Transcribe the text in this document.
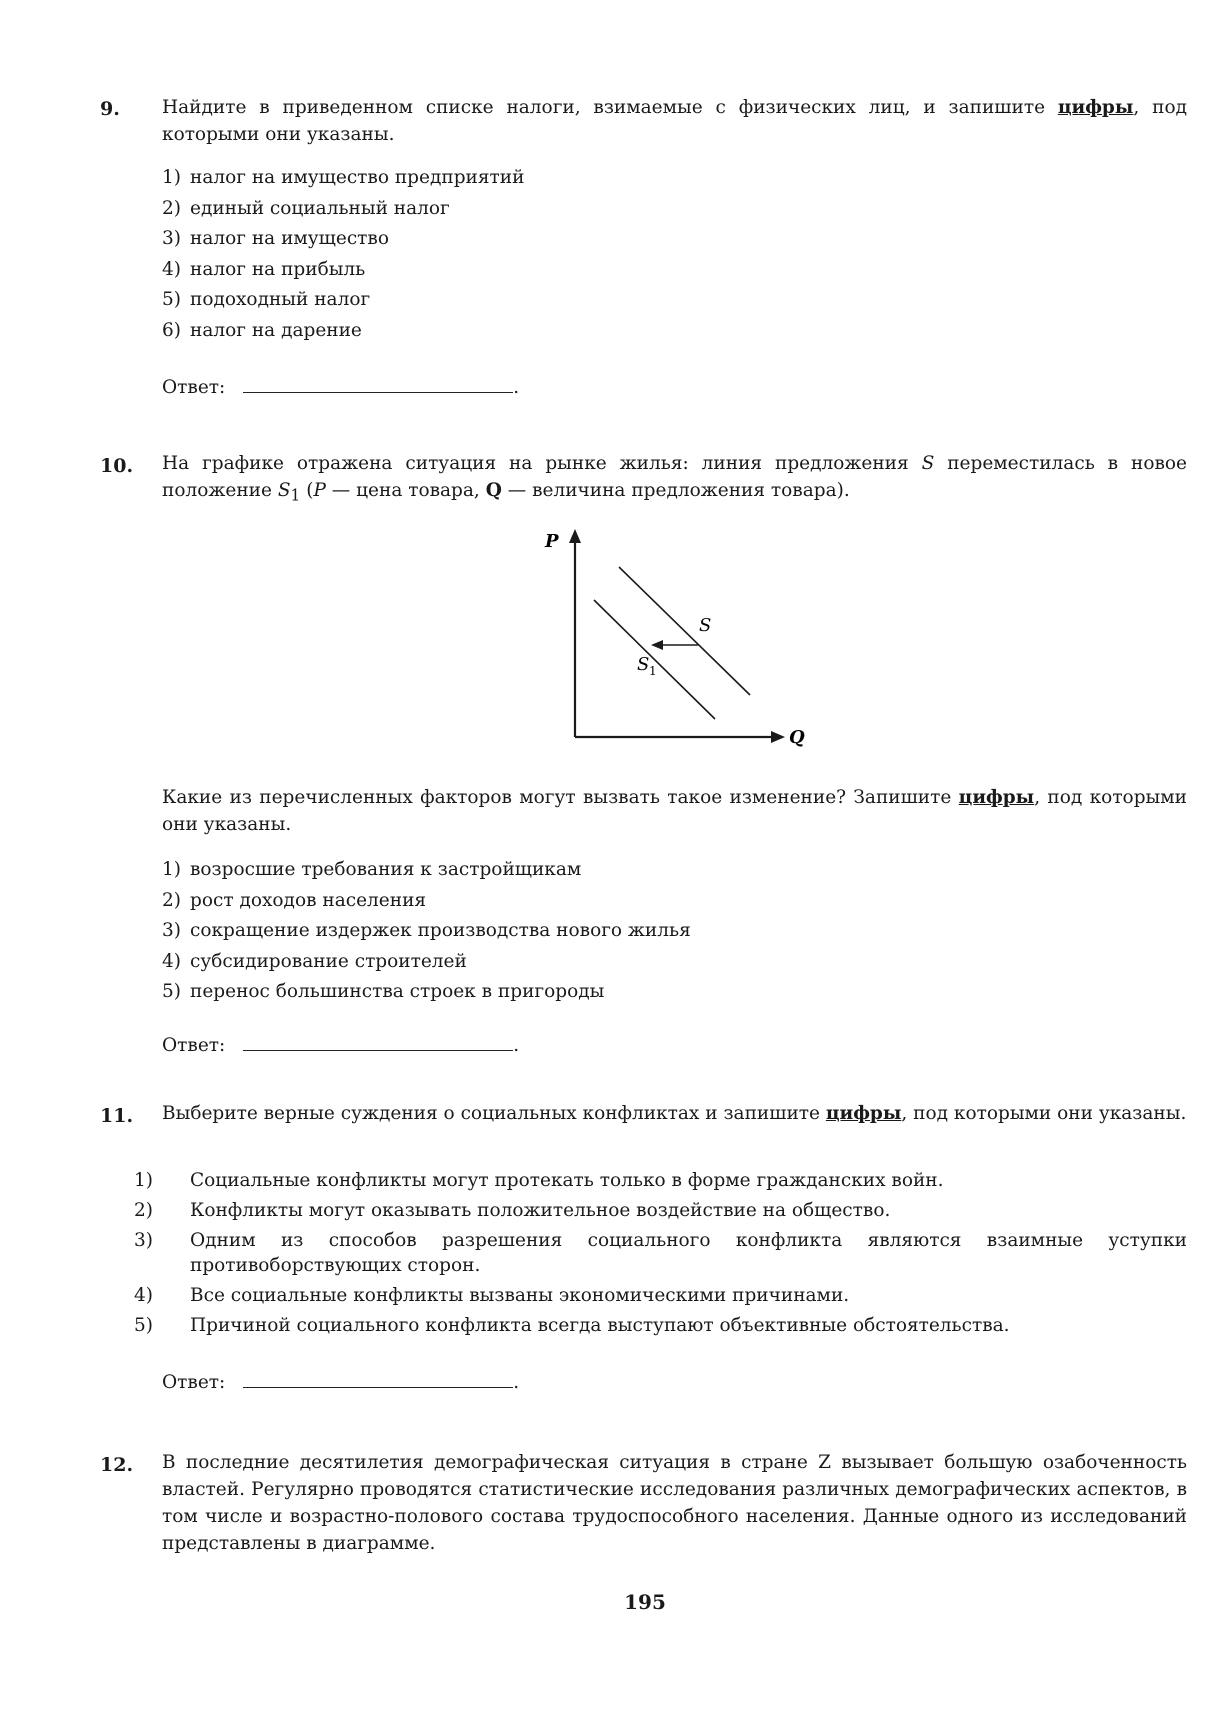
9. Найдите в приведенном списке налоги, взимаемые с физических лиц, и запишите цифры, под которыми они указаны.
1) налог на имущество предприятий
2) единый социальный налог
3) налог на имущество
4) налог на прибыль
5) подоходный налог
6) налог на дарение
Ответ:	.
10. На графике отражена ситуация на рынке жилья: линия предложения S переместилась в новое положение $S_1$ (P — цена товара, Q — величина предложения товара).
P
Q
S
S 1
Какие из перечисленных факторов могут вызвать такое изменение? Запишите цифры, под которыми они указаны.
1) возросшие требования к застройщикам
2) рост доходов населения
3) сокращение издержек производства нового жилья
4) субсидирование строителей
5) перенос большинства строек в пригороды
Ответ:	.
11. Выберите верные суждения о социальных конфликтах и запишите цифры, под которыми они указаны.
1) Социальные конфликты могут протекать только в форме гражданских войн.
2) Конфликты могут оказывать положительное воздействие на общество.
3) Одним из способов разрешения социального конфликта являются взаимные уступки противоборствующих сторон.
4) Все социальные конфликты вызваны экономическими причинами.
5) Причиной социального конфликта всегда выступают объективные обстоятельства.
Ответ:	.
12. В последние десятилетия демографическая ситуация в стране Z вызывает большую озабоченность властей. Регулярно проводятся статистические исследования различных демографических аспектов, в том числе и возрастно-полового состава трудоспособного населения. Данные одного из исследований представлены в диаграмме.
195
